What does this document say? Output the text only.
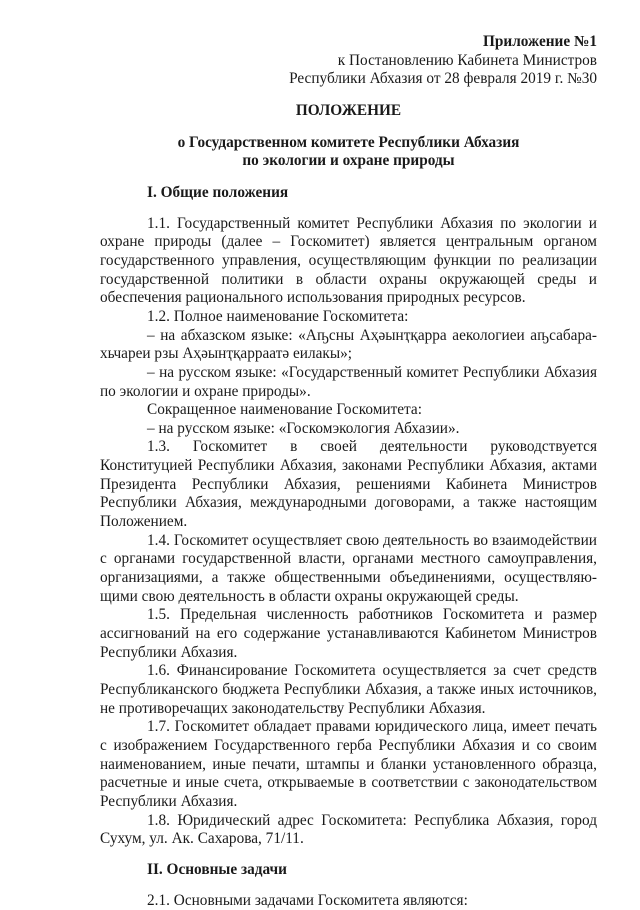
Приложение №1
к Постановлению Кабинета Министров
Республики Абхазия от 28 февраля 2019 г. №30
ПОЛОЖЕНИЕ
о Государственном комитете Республики Абхазия
по экологии и охране природы
I. Общие положения

1.1. Государственный комитет Республики Абхазия по экологии и охране природы (далее – Госкомитет) является центральным органом государственного управления, осуществляющим функции по реализации государственной политики в области охраны окружающей среды и обеспечения рационального использования природных ресурсов.

1.2. Полное наименование Госкомитета:

– на абхазском языке: «Аҧсны Аҳәынҭқарра аекологиеи аҧсабара-хьчареи рзы Аҳәынҭқарраатә еилакы»;

– на русском языке: «Государственный комитет Республики Абхазия по экологии и охране природы».

Сокращенное наименование Госкомитета:

– на русском языке: «Госкомэкология Абхазии».

1.3. Госкомитет в своей деятельности руководствуется Конституцией Республики Абхазия, законами Республики Абхазия, актами Президента Республики Абхазия, решениями Кабинета Министров Республики Абхазия, международными договорами, а также настоящим Положением.

1.4. Госкомитет осуществляет свою деятельность во взаимодействии с органами государственной власти, органами местного самоуправления, организациями, а также общественными объединениями, осуществляю-щими свою деятельность в области охраны окружающей среды.

1.5. Предельная численность работников Госкомитета и размер ассигнований на его содержание устанавливаются Кабинетом Министров Республики Абхазия.

1.6. Финансирование Госкомитета осуществляется за счет средств Республиканского бюджета Республики Абхазия, а также иных источников, не противоречащих законодательству Республики Абхазия.

1.7. Госкомитет обладает правами юридического лица, имеет печать с изображением Государственного герба Республики Абхазия и со своим наименованием, иные печати, штампы и бланки установленного образца, расчетные и иные счета, открываемые в соответствии с законодательством Республики Абхазия.

1.8. Юридический адрес Госкомитета: Республика Абхазия, город Сухум, ул. Ак. Сахарова, 71/11.

II. Основные задачи

2.1. Основными задачами Госкомитета являются:
